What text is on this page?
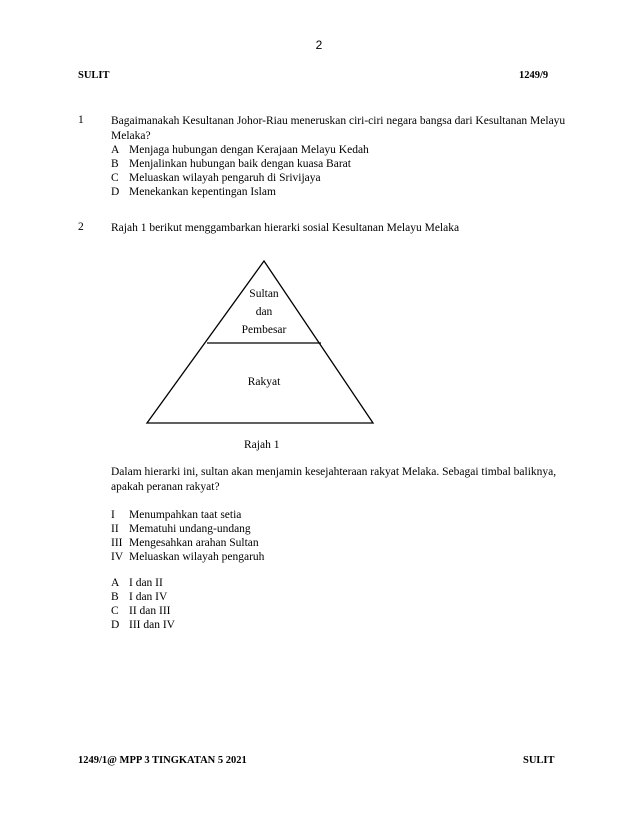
2
SULIT	1249/9
1 Bagaimanakah Kesultanan Johor-Riau meneruskan ciri-ciri negara bangsa dari Kesultanan Melayu Melaka?
A Menjaga hubungan dengan Kerajaan Melayu Kedah
B Menjalinkan hubungan baik dengan kuasa Barat
C Meluaskan wilayah pengaruh di Srivijaya
D Menekankan kepentingan Islam
2 Rajah 1 berikut menggambarkan hierarki sosial Kesultanan Melayu Melaka
Sultan
dan
Pembesar
Rakyat
Rajah 1
Dalam hierarki ini, sultan akan menjamin kesejahteraan rakyat Melaka. Sebagai timbal baliknya, apakah peranan rakyat?
I Menumpahkan taat setia
II Mematuhi undang-undang
III Mengesahkan arahan Sultan
IV Meluaskan wilayah pengaruh
A I dan II
B I dan IV
C II dan III
D III dan IV
1249/1@ MPP 3 TINGKATAN 5 2021	SULIT
